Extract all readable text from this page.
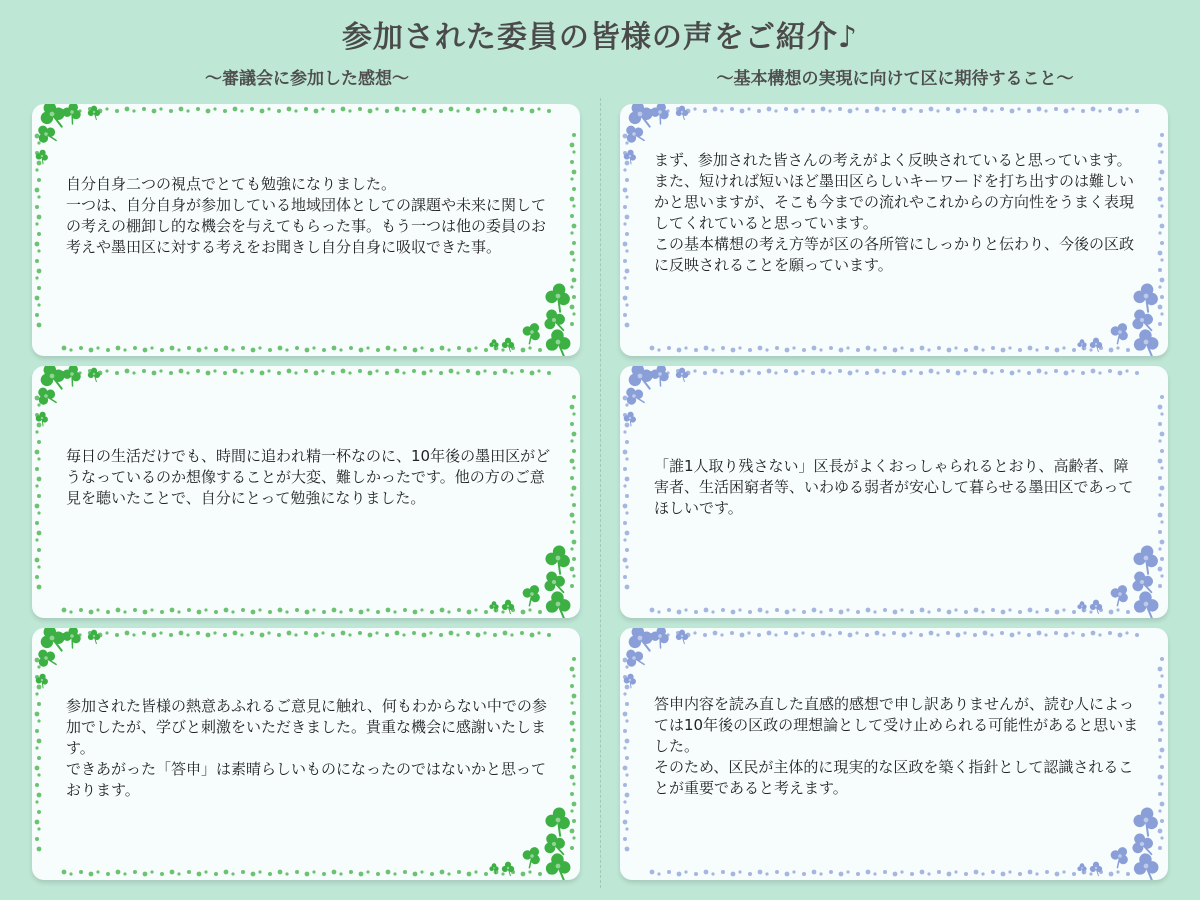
参加された委員の皆様の声をご紹介♪
～審議会に参加した感想～	～基本構想の実現に向けて区に期待すること～
自分自身二つの視点でとても勉強になりました。
一つは、自分自身が参加している地域団体としての課題や未来に関しての考えの棚卸し的な機会を与えてもらった事。もう一つは他の委員のお考えや墨田区に対する考えをお聞きし自分自身に吸収できた事。
毎日の生活だけでも、時間に追われ精一杯なのに、10年後の墨田区がどうなっているのか想像することが大変、難しかったです。他の方のご意見を聴いたことで、自分にとって勉強になりました。
参加された皆様の熱意あふれるご意見に触れ、何もわからない中での参加でしたが、学びと刺激をいただきました。貴重な機会に感謝いたします。
できあがった「答申」は素晴らしいものになったのではないかと思っております。
まず、参加された皆さんの考えがよく反映されていると思っています。また、短ければ短いほど墨田区らしいキーワードを打ち出すのは難しいかと思いますが、そこも今までの流れやこれからの方向性をうまく表現してくれていると思っています。
この基本構想の考え方等が区の各所管にしっかりと伝わり、今後の区政に反映されることを願っています。
「誰1人取り残さない」区長がよくおっしゃられるとおり、高齢者、障害者、生活困窮者等、いわゆる弱者が安心して暮らせる墨田区であってほしいです。
答申内容を読み直した直感的感想で申し訳ありませんが、読む人によっては10年後の区政の理想論として受け止められる可能性があると思いました。
そのため、区民が主体的に現実的な区政を築く指針として認識されることが重要であると考えます。
